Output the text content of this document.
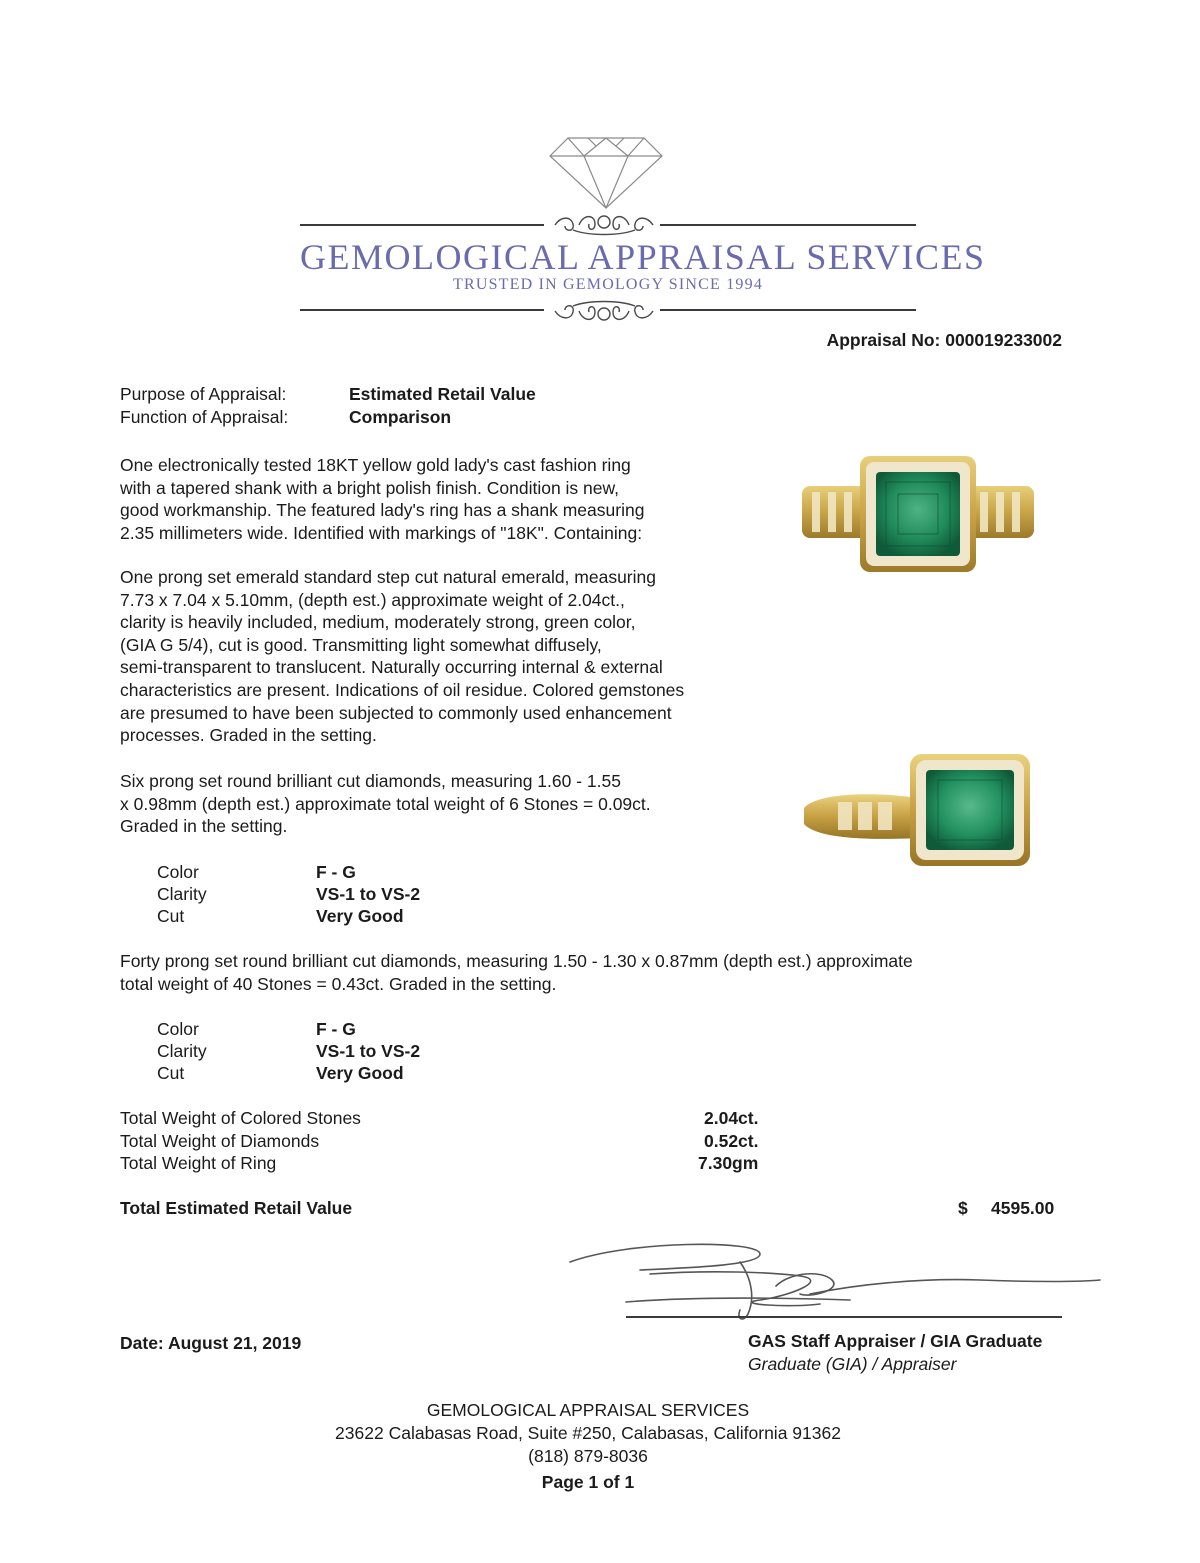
GEMOLOGICAL APPRAISAL SERVICES
TRUSTED IN GEMOLOGY SINCE 1994
Appraisal No: 000019233002
Purpose of Appraisal:	Estimated Retail Value
Function of Appraisal:	Comparison
One electronically tested 18KT yellow gold lady's cast fashion ring
with a tapered shank with a bright polish finish. Condition is new,
good workmanship. The featured lady's ring has a shank measuring
2.35 millimeters wide. Identified with markings of "18K". Containing:
One prong set emerald standard step cut natural emerald, measuring
7.73 x 7.04 x 5.10mm, (depth est.) approximate weight of 2.04ct.,
clarity is heavily included, medium, moderately strong, green color,
(GIA G 5/4), cut is good. Transmitting light somewhat diffusely,
semi-transparent to translucent. Naturally occurring internal & external
characteristics are present. Indications of oil residue. Colored gemstones
are presumed to have been subjected to commonly used enhancement
processes. Graded in the setting.
Six prong set round brilliant cut diamonds, measuring 1.60 - 1.55
x 0.98mm (depth est.) approximate total weight of 6 Stones = 0.09ct.
Graded in the setting.
Color	F - G
Clarity	VS-1 to VS-2
Cut	Very Good
Forty prong set round brilliant cut diamonds, measuring 1.50 - 1.30 x 0.87mm (depth est.) approximate
total weight of 40 Stones = 0.43ct. Graded in the setting.
Color	F - G
Clarity	VS-1 to VS-2
Cut	Very Good
Total Weight of Colored Stones	2.04ct.
Total Weight of Diamonds	0.52ct.
Total Weight of Ring	7.30gm
Total Estimated Retail Value	$ 4595.00
Date: August 21, 2019	GAS Staff Appraiser / GIA Graduate
Graduate (GIA) / Appraiser
GEMOLOGICAL APPRAISAL SERVICES
23622 Calabasas Road, Suite #250, Calabasas, California 91362
(818) 879-8036
Page 1 of 1
